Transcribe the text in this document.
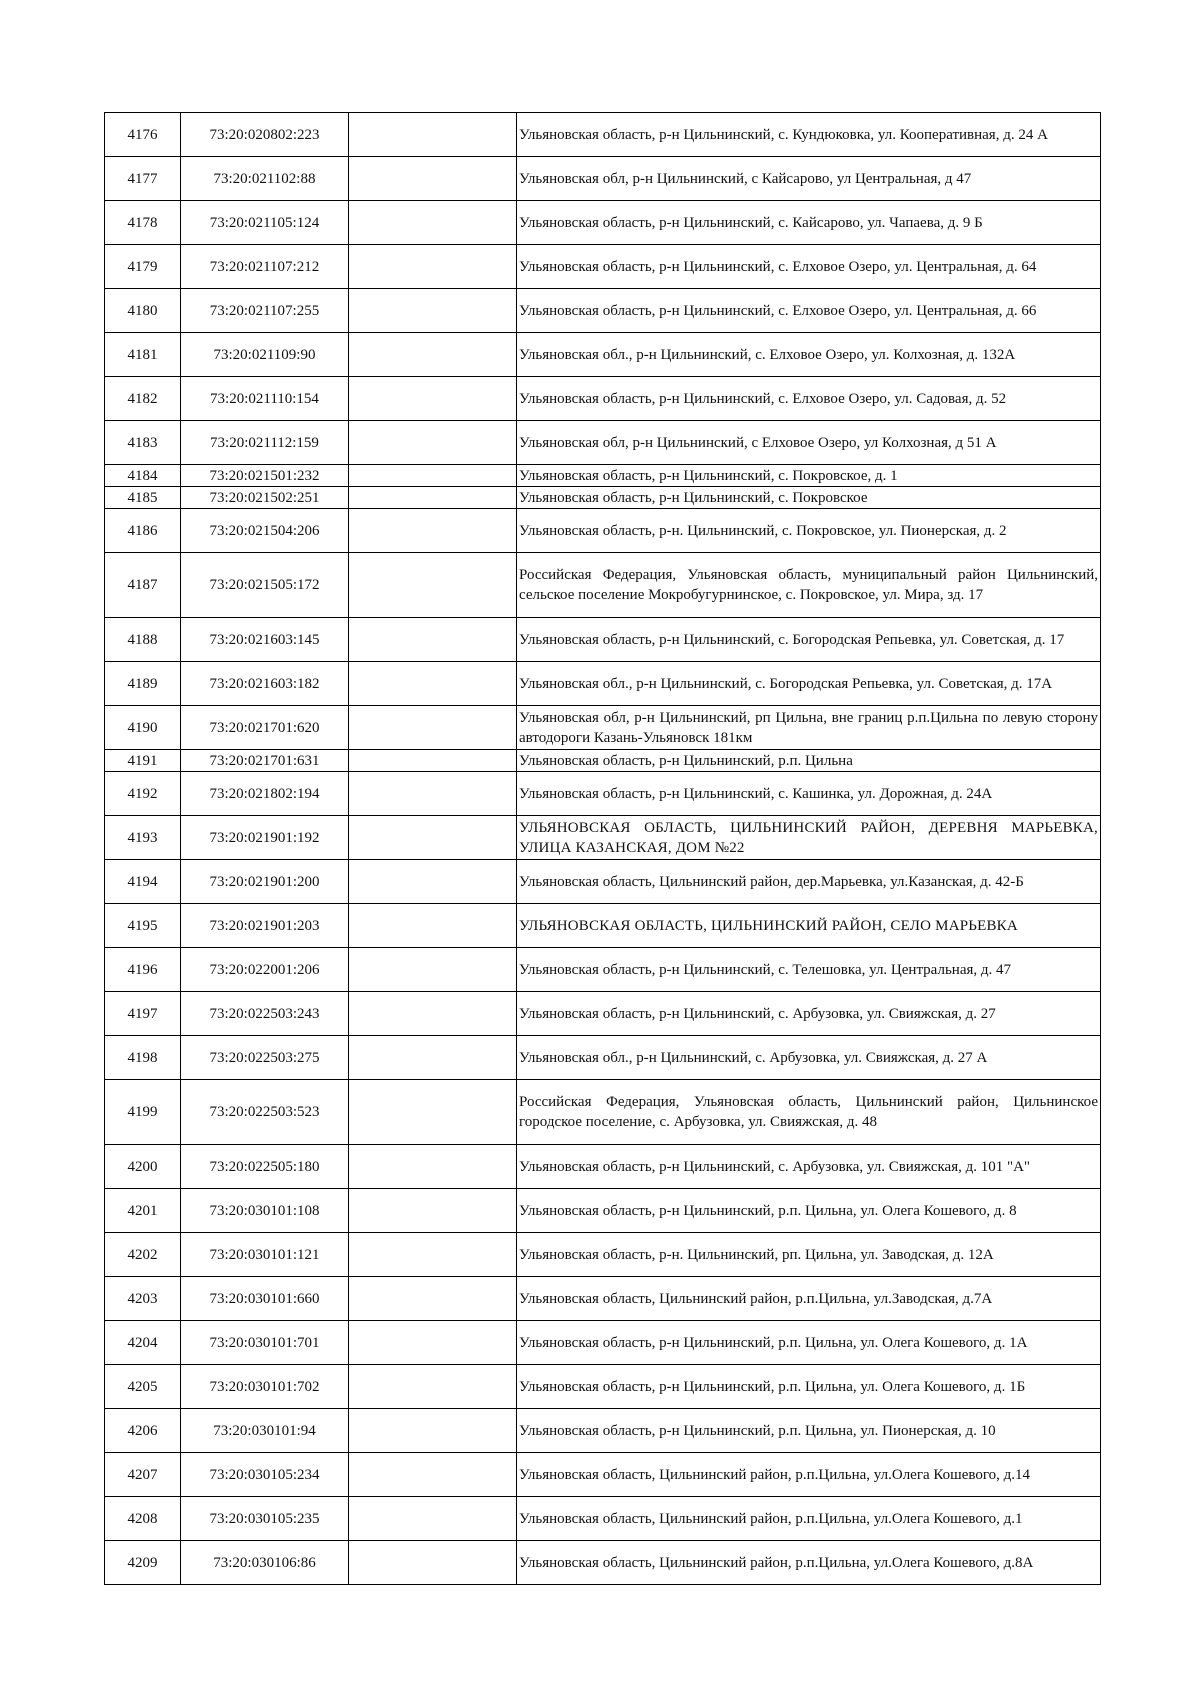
4176	73:20:020802:223		Ульяновская область, р-н Цильнинский, с. Кундюковка, ул. Кооперативная, д. 24 А
4177	73:20:021102:88		Ульяновская обл, р-н Цильнинский, с Кайсарово, ул Центральная, д 47
4178	73:20:021105:124		Ульяновская область, р-н Цильнинский, с. Кайсарово, ул. Чапаева, д. 9 Б
4179	73:20:021107:212		Ульяновская область, р-н Цильнинский, с. Елховое Озеро, ул. Центральная, д. 64
4180	73:20:021107:255		Ульяновская область, р-н Цильнинский, с. Елховое Озеро, ул. Центральная, д. 66
4181	73:20:021109:90		Ульяновская обл., р-н Цильнинский, с. Елховое Озеро, ул. Колхозная, д. 132А
4182	73:20:021110:154		Ульяновская область, р-н Цильнинский, с. Елховое Озеро, ул. Садовая, д. 52
4183	73:20:021112:159		Ульяновская обл, р-н Цильнинский, с Елховое Озеро, ул Колхозная, д 51 А
4184	73:20:021501:232		Ульяновская область, р-н Цильнинский, с. Покровское, д. 1
4185	73:20:021502:251		Ульяновская область, р-н Цильнинский, с. Покровское
4186	73:20:021504:206		Ульяновская область, р-н. Цильнинский, с. Покровское, ул. Пионерская, д. 2
4187	73:20:021505:172		Российская Федерация, Ульяновская область, муниципальный район Цильнинский, сельское поселение Мокробугурнинское, с. Покровское, ул. Мира, зд. 17
4188	73:20:021603:145		Ульяновская область, р-н Цильнинский, с. Богородская Репьевка, ул. Советская, д. 17
4189	73:20:021603:182		Ульяновская обл., р-н Цильнинский, с. Богородская Репьевка, ул. Советская, д. 17А
4190	73:20:021701:620		Ульяновская обл, р-н Цильнинский, рп Цильна, вне границ р.п.Цильна по левую сторону автодороги Казань-Ульяновск 181км
4191	73:20:021701:631		Ульяновская область, р-н Цильнинский, р.п. Цильна
4192	73:20:021802:194		Ульяновская область, р-н Цильнинский, с. Кашинка, ул. Дорожная, д. 24А
4193	73:20:021901:192		УЛЬЯНОВСКАЯ ОБЛАСТЬ, ЦИЛЬНИНСКИЙ РАЙОН, ДЕРЕВНЯ МАРЬЕВКА, УЛИЦА КАЗАНСКАЯ, ДОМ №22
4194	73:20:021901:200		Ульяновская область, Цильнинский район, дер.Марьевка, ул.Казанская, д. 42-Б
4195	73:20:021901:203		УЛЬЯНОВСКАЯ ОБЛАСТЬ, ЦИЛЬНИНСКИЙ РАЙОН, СЕЛО МАРЬЕВКА
4196	73:20:022001:206		Ульяновская область, р-н Цильнинский, с. Телешовка, ул. Центральная, д. 47
4197	73:20:022503:243		Ульяновская область, р-н Цильнинский, с. Арбузовка, ул. Свияжская, д. 27
4198	73:20:022503:275		Ульяновская обл., р-н Цильнинский, с. Арбузовка, ул. Свияжская, д. 27 А
4199	73:20:022503:523		Российская Федерация, Ульяновская область, Цильнинский район, Цильнинское городское поселение, с. Арбузовка, ул. Свияжская, д. 48
4200	73:20:022505:180		Ульяновская область, р-н Цильнинский, с. Арбузовка, ул. Свияжская, д. 101 "А"
4201	73:20:030101:108		Ульяновская область, р-н Цильнинский, р.п. Цильна, ул. Олега Кошевого, д. 8
4202	73:20:030101:121		Ульяновская область, р-н. Цильнинский, рп. Цильна, ул. Заводская, д. 12А
4203	73:20:030101:660		Ульяновская область, Цильнинский район, р.п.Цильна, ул.Заводская, д.7А
4204	73:20:030101:701		Ульяновская область, р-н Цильнинский, р.п. Цильна, ул. Олега Кошевого, д. 1А
4205	73:20:030101:702		Ульяновская область, р-н Цильнинский, р.п. Цильна, ул. Олега Кошевого, д. 1Б
4206	73:20:030101:94		Ульяновская область, р-н Цильнинский, р.п. Цильна, ул. Пионерская, д. 10
4207	73:20:030105:234		Ульяновская область, Цильнинский район, р.п.Цильна, ул.Олега Кошевого, д.14
4208	73:20:030105:235		Ульяновская область, Цильнинский район, р.п.Цильна, ул.Олега Кошевого, д.1
4209	73:20:030106:86		Ульяновская область, Цильнинский район, р.п.Цильна, ул.Олега Кошевого, д.8А
